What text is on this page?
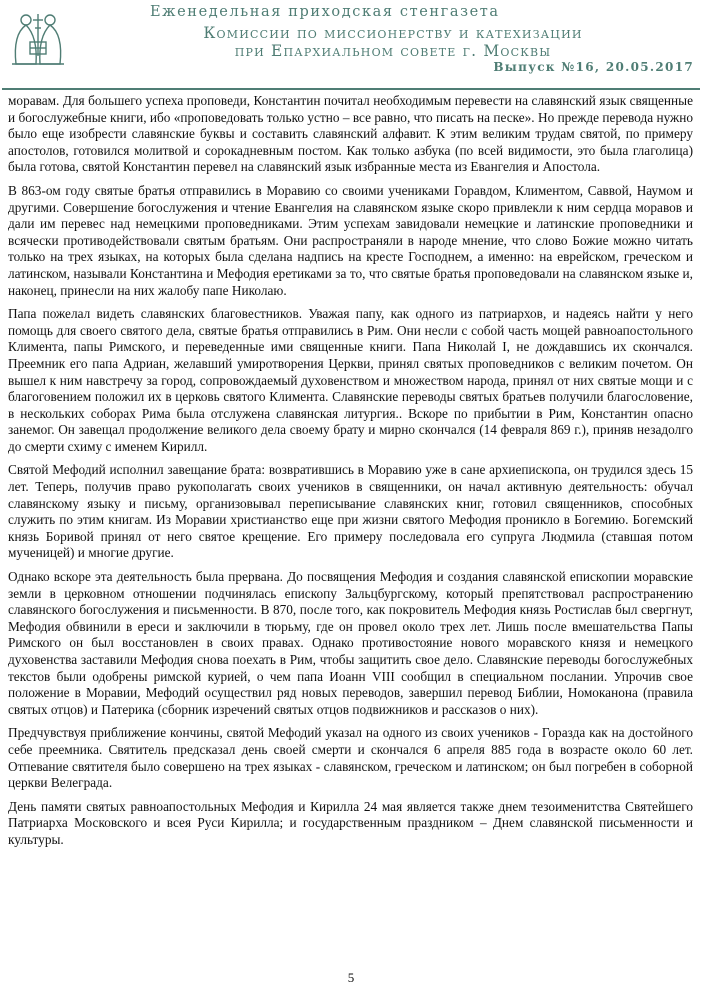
Еженедельная приходская стенгазета
Комиссии по миссионерству и катехизации
при Епархиальном совете г. Москвы
Выпуск №16, 20.05.2017

моравам. Для большего успеха проповеди, Константин почитал необходимым перевести на славянский язык священные и богослужебные книги, ибо «проповедовать только устно – все равно, что писать на песке». Но прежде перевода нужно было еще изобрести славянские буквы и составить славянский алфавит. К этим великим трудам святой, по примеру апостолов, готовился молитвой и сорокадневным постом. Как только азбука (по всей видимости, это была глаголица) была готова, святой Константин перевел на славянский язык избранные места из Евангелия и Апостола.

В 863-ом году святые братья отправились в Моравию со своими учениками Горавдом, Климентом, Саввой, Наумом и другими. Совершение богослужения и чтение Евангелия на славянском языке скоро привлекли к ним сердца моравов и дали им перевес над немецкими проповедниками. Этим успехам завидовали немецкие и латинские проповедники и всячески противодействовали святым братьям. Они распространяли в народе мнение, что слово Божие можно читать только на трех языках, на которых была сделана надпись на кресте Господнем, а именно: на еврейском, греческом и латинском, называли Константина и Мефодия еретиками за то, что святые братья проповедовали на славянском языке и, наконец, принесли на них жалобу папе Николаю.

Папа пожелал видеть славянских благовестников. Уважая папу, как одного из патриархов, и надеясь найти у него помощь для своего святого дела, святые братья отправились в Рим. Они несли с собой часть мощей равноапостольного Климента, папы Римского, и переведенные ими священные книги. Папа Николай I, не дождавшись их скончался. Преемник его папа Адриан, желавший умиротворения Церкви, принял святых проповедников с великим почетом. Он вышел к ним навстречу за город, сопровождаемый духовенством и множеством народа, принял от них святые мощи и с благоговением положил их в церковь святого Климента. Славянские переводы святых братьев получили благословение, в нескольких соборах Рима была отслужена славянская литургия.. Вскоре по прибытии в Рим, Константин опасно занемог. Он завещал продолжение великого дела своему брату и мирно скончался (14 февраля 869 г.), приняв незадолго до смерти схиму с именем Кирилл.

Святой Мефодий исполнил завещание брата: возвратившись в Моравию уже в сане архиепископа, он трудился здесь 15 лет. Теперь, получив право рукополагать своих учеников в священники, он начал активную деятельность: обучал славянскому языку и письму, организовывал переписывание славянских книг, готовил священников, способных служить по этим книгам. Из Моравии христианство еще при жизни святого Мефодия проникло в Богемию. Богемский князь Боривой принял от него святое крещение. Его примеру последовала его супруга Людмила (ставшая потом мученицей) и многие другие.

Однако вскоре эта деятельность была прервана. До посвящения Мефодия и создания славянской епископии моравские земли в церковном отношении подчинялась епископу Зальцбургскому, который препятствовал распространению славянского богослужения и письменности. В 870, после того, как покровитель Мефодия князь Ростислав был свергнут, Мефодия обвинили в ереси и заключили в тюрьму, где он провел около трех лет. Лишь после вмешательства Папы Римского он был восстановлен в своих правах. Однако противостояние нового моравского князя и немецкого духовенства заставили Мефодия снова поехать в Рим, чтобы защитить свое дело. Славянские переводы богослужебных текстов были одобрены римской курией, о чем папа Иоанн VIII сообщил в специальном послании. Упрочив свое положение в Моравии, Мефодий осуществил ряд новых переводов, завершил перевод Библии, Номоканона (правила святых отцов) и Патерика (сборник изречений святых отцов подвижников и рассказов о них).

Предчувствуя приближение кончины, святой Мефодий указал на одного из своих учеников - Горазда как на достойного себе преемника. Святитель предсказал день своей смерти и скончался 6 апреля 885 года в возрасте около 60 лет. Отпевание святителя было совершено на трех языках - славянском, греческом и латинском; он был погребен в соборной церкви Велеграда.

День памяти святых равноапостольных Мефодия и Кирилла 24 мая является также днем тезоименитства Святейшего Патриарха Московского и всея Руси Кирилла; и государственным праздником – Днем славянской письменности и культуры.

5
